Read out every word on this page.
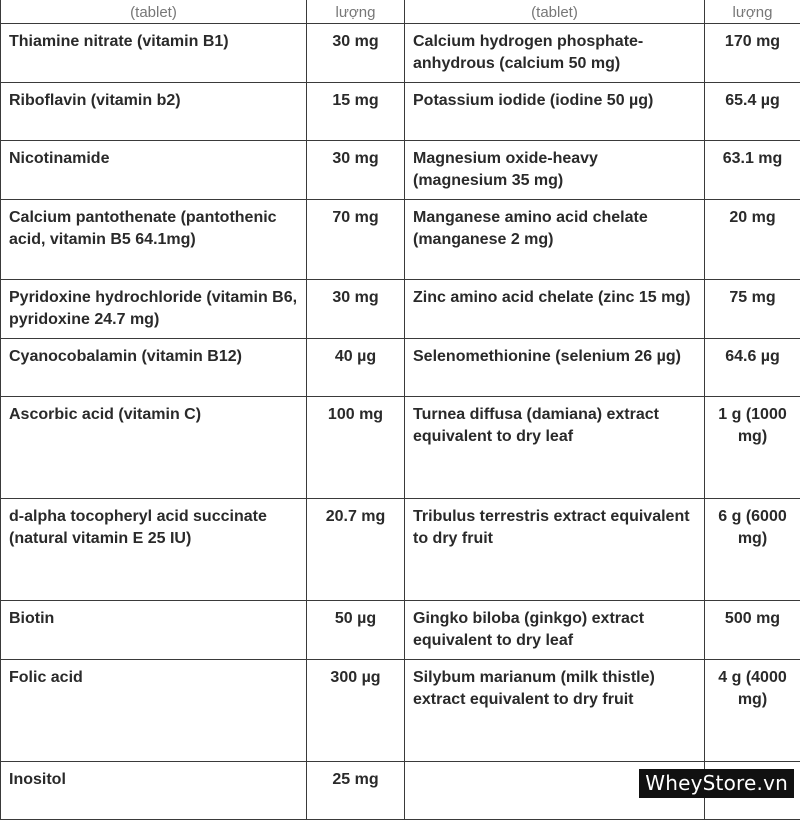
(tablet)	lượng	(tablet)	lượng
Thiamine nitrate (vitamin B1)	30 mg	Calcium hydrogen phosphate-anhydrous (calcium 50 mg)	170 mg
Riboflavin (vitamin b2)	15 mg	Potassium iodide (iodine 50 µg)	65.4 µg
Nicotinamide	30 mg	Magnesium oxide-heavy (magnesium 35 mg)	63.1 mg
Calcium pantothenate (pantothenic acid, vitamin B5 64.1mg)	70 mg	Manganese amino acid chelate (manganese 2 mg)	20 mg
Pyridoxine hydrochloride (vitamin B6, pyridoxine 24.7 mg)	30 mg	Zinc amino acid chelate (zinc 15 mg)	75 mg
Cyanocobalamin (vitamin B12)	40 µg	Selenomethionine (selenium 26 µg)	64.6 µg
Ascorbic acid (vitamin C)	100 mg	Turnea diffusa (damiana) extract equivalent to dry leaf	1 g (1000 mg)
d-alpha tocopheryl acid succinate (natural vitamin E 25 IU)	20.7 mg	Tribulus terrestris extract equivalent to dry fruit	6 g (6000 mg)
Biotin	50 µg	Gingko biloba (ginkgo) extract equivalent to dry leaf	500 mg
Folic acid	300 µg	Silybum marianum (milk thistle) extract equivalent to dry fruit	4 g (4000 mg)
Inositol	25 mg			WheyStore.vn
